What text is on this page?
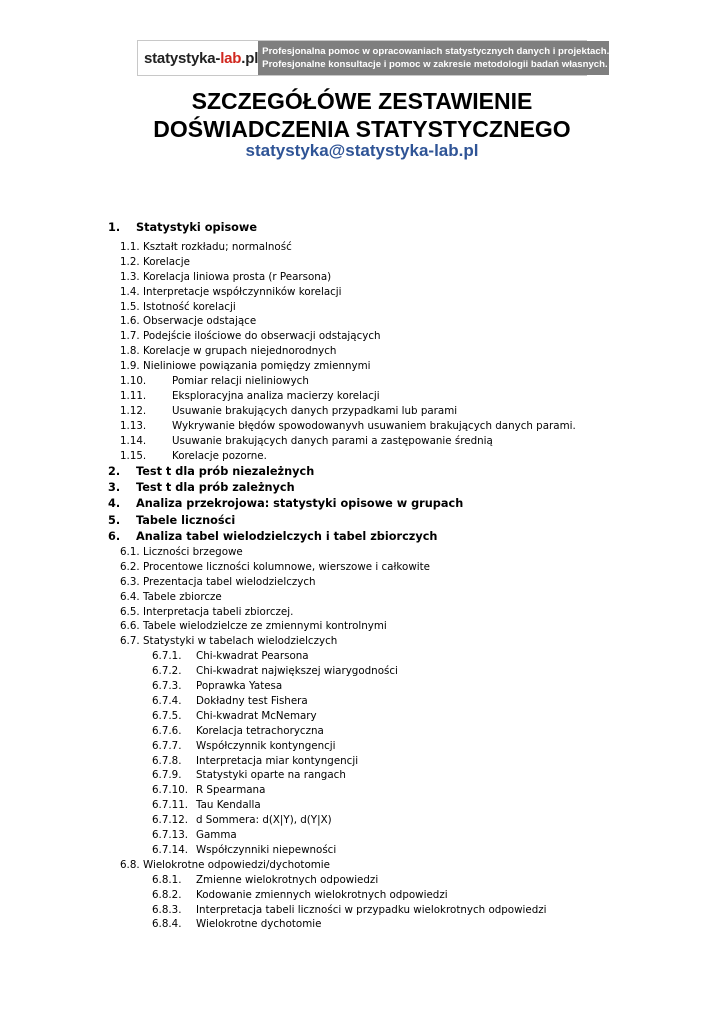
statystyka- lab .pl Profesjonalna pomoc w opracowaniach statystycznych danych i projektach.
Profesjonalne konsultacje i pomoc w zakresie metodologii badań własnych.
SZCZEGÓŁÓWE ZESTAWIENIE
DOŚWIADCZENIA STATYSTYCZNEGO
statystyka@statystyka-lab.pl
1. Statystyki opisowe
1.1. Kształt rozkładu; normalność
1.2. Korelacje
1.3. Korelacja liniowa prosta (r Pearsona)
1.4. Interpretacje współczynników korelacji
1.5. Istotność korelacji
1.6. Obserwacje odstające
1.7. Podejście ilościowe do obserwacji odstających
1.8. Korelacje w grupach niejednorodnych
1.9. Nieliniowe powiązania pomiędzy zmiennymi
1.10.	Pomiar relacji nieliniowych
1.11.	Eksploracyjna analiza macierzy korelacji
1.12.	Usuwanie brakujących danych przypadkami lub parami
1.13.	Wykrywanie błędów spowodowanyvh usuwaniem brakujących danych parami.
1.14.	Usuwanie brakujących danych parami a zastępowanie średnią
1.15.	Korelacje pozorne.
2. Test t dla prób niezależnych
3. Test t dla prób zależnych
4. Analiza przekrojowa: statystyki opisowe w grupach
5. Tabele liczności
6. Analiza tabel wielodzielczych i tabel zbiorczych
6.1. Liczności brzegowe
6.2. Procentowe liczności kolumnowe, wierszowe i całkowite
6.3. Prezentacja tabel wielodzielczych
6.4. Tabele zbiorcze
6.5. Interpretacja tabeli zbiorczej.
6.6. Tabele wielodzielcze ze zmiennymi kontrolnymi
6.7. Statystyki w tabelach wielodzielczych
6.7.1. Chi-kwadrat Pearsona
6.7.2. Chi-kwadrat największej wiarygodności
6.7.3. Poprawka Yatesa
6.7.4. Dokładny test Fishera
6.7.5. Chi-kwadrat McNemary
6.7.6. Korelacja tetrachoryczna
6.7.7. Współczynnik kontyngencji
6.7.8. Interpretacja miar kontyngencji
6.7.9. Statystyki oparte na rangach
6.7.10. R Spearmana
6.7.11. Tau Kendalla
6.7.12. d Sommera: d(X|Y), d(Y|X)
6.7.13. Gamma
6.7.14. Współczynniki niepewności
6.8. Wielokrotne odpowiedzi/dychotomie
6.8.1. Zmienne wielokrotnych odpowiedzi
6.8.2. Kodowanie zmiennych wielokrotnych odpowiedzi
6.8.3. Interpretacja tabeli liczności w przypadku wielokrotnych odpowiedzi
6.8.4. Wielokrotne dychotomie
